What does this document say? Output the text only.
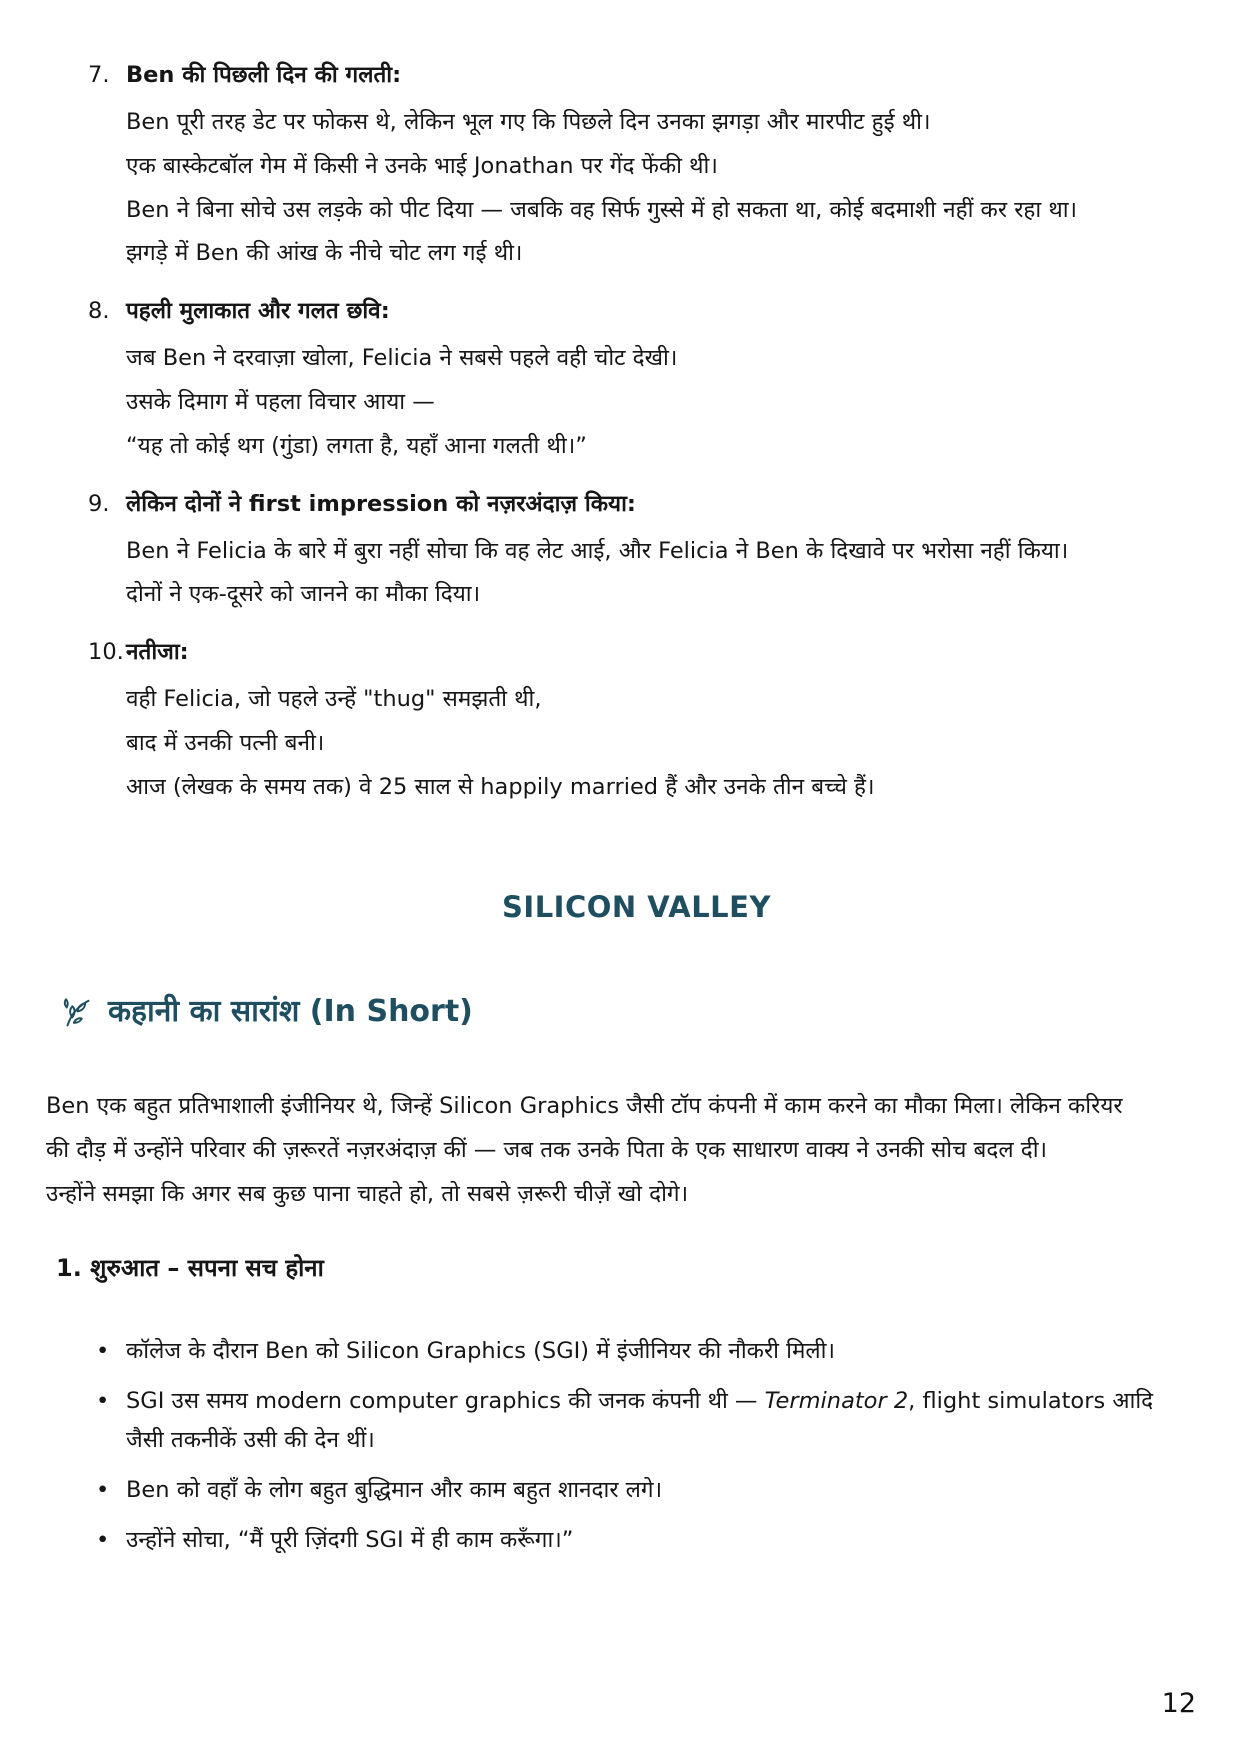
7. Ben की पिछली दिन की गलती:

Ben पूरी तरह डेट पर फोकस थे, लेकिन भूल गए कि पिछले दिन उनका झगड़ा और मारपीट हुई थी।

एक बास्केटबॉल गेम में किसी ने उनके भाई Jonathan पर गेंद फेंकी थी।

Ben ने बिना सोचे उस लड़के को पीट दिया — जबकि वह सिर्फ गुस्से में हो सकता था, कोई बदमाशी नहीं कर रहा था।

झगड़े में Ben की आंख के नीचे चोट लग गई थी।

8. पहली मुलाकात और गलत छवि:

जब Ben ने दरवाज़ा खोला, Felicia ने सबसे पहले वही चोट देखी।

उसके दिमाग में पहला विचार आया —

“यह तो कोई थग (गुंडा) लगता है, यहाँ आना गलती थी।”

9. लेकिन दोनों ने first impression को नज़रअंदाज़ किया:

Ben ने Felicia के बारे में बुरा नहीं सोचा कि वह लेट आई, और Felicia ने Ben के दिखावे पर भरोसा नहीं किया।

दोनों ने एक-दूसरे को जानने का मौका दिया।

10. नतीजा:

वही Felicia, जो पहले उन्हें "thug" समझती थी,

बाद में उनकी पत्नी बनी।

आज (लेखक के समय तक) वे 25 साल से happily married हैं और उनके तीन बच्चे हैं।

SILICON VALLEY
कहानी का सारांश (In Short)

Ben एक बहुत प्रतिभाशाली इंजीनियर थे, जिन्हें Silicon Graphics जैसी टॉप कंपनी में काम करने का मौका मिला। लेकिन करियर

की दौड़ में उन्होंने परिवार की ज़रूरतें नज़रअंदाज़ कीं — जब तक उनके पिता के एक साधारण वाक्य ने उनकी सोच बदल दी।

उन्होंने समझा कि अगर सब कुछ पाना चाहते हो, तो सबसे ज़रूरी चीज़ें खो दोगे।

1. शुरुआत – सपना सच होना
• कॉलेज के दौरान Ben को Silicon Graphics (SGI) में इंजीनियर की नौकरी मिली।
• SGI उस समय modern computer graphics की जनक कंपनी थी — Terminator 2, flight simulators आदि जैसी तकनीकें उसी की देन थीं।
• Ben को वहाँ के लोग बहुत बुद्धिमान और काम बहुत शानदार लगे।
• उन्होंने सोचा, “मैं पूरी ज़िंदगी SGI में ही काम करूँगा।”
12
